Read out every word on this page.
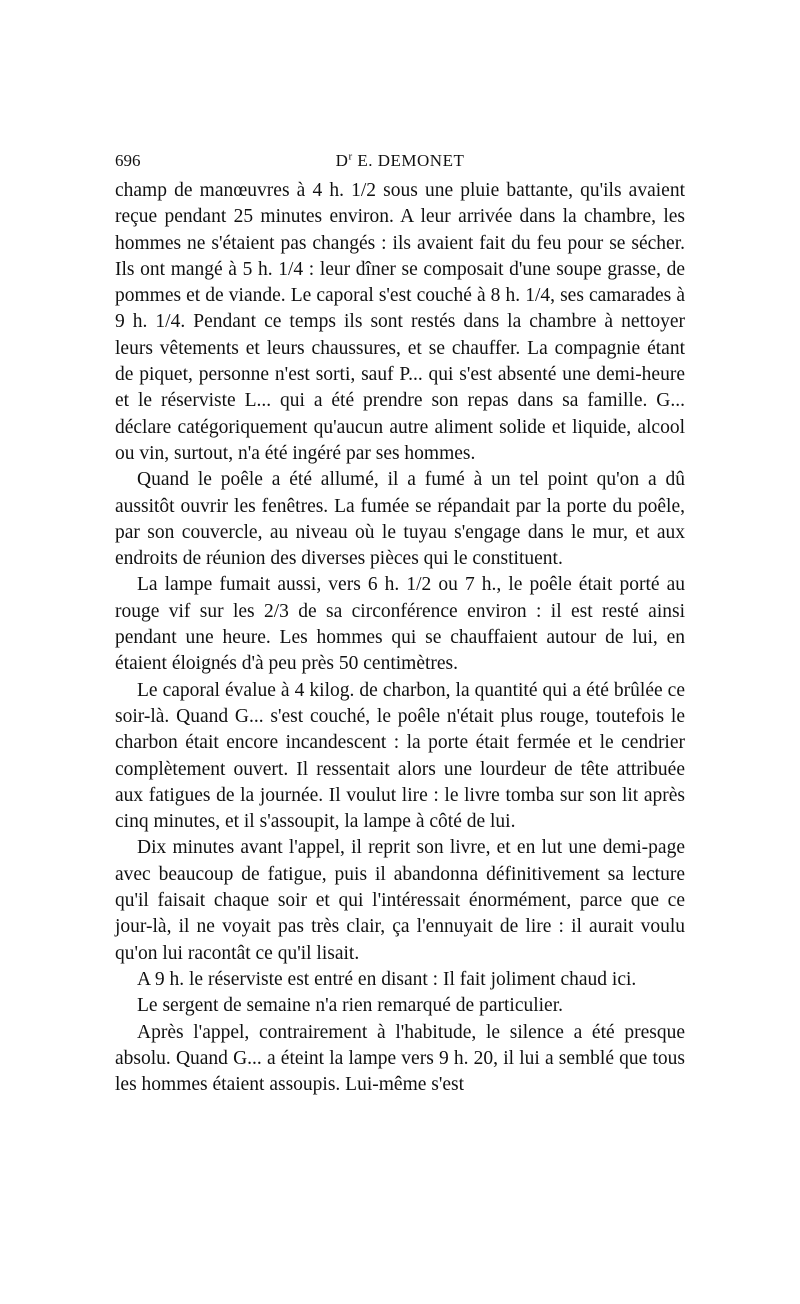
696	$D^r$ E. DEMONET

champ de manœuvres à 4 h. 1/2 sous une pluie battante, qu'ils avaient reçue pendant 25 minutes environ. A leur arrivée dans la chambre, les hommes ne s'étaient pas changés : ils avaient fait du feu pour se sécher. Ils ont mangé à 5 h. 1/4 : leur dîner se composait d'une soupe grasse, de pommes et de viande. Le caporal s'est couché à 8 h. 1/4, ses camarades à 9 h. 1/4. Pendant ce temps ils sont restés dans la chambre à nettoyer leurs vêtements et leurs chaussures, et se chauffer. La compagnie étant de piquet, personne n'est sorti, sauf P... qui s'est absenté une demi-heure et le réserviste L... qui a été prendre son repas dans sa famille. G... déclare catégoriquement qu'aucun autre aliment solide et liquide, alcool ou vin, surtout, n'a été ingéré par ses hommes.

Quand le poêle a été allumé, il a fumé à un tel point qu'on a dû aussitôt ouvrir les fenêtres. La fumée se répandait par la porte du poêle, par son couvercle, au niveau où le tuyau s'engage dans le mur, et aux endroits de réunion des diverses pièces qui le constituent.

La lampe fumait aussi, vers 6 h. 1/2 ou 7 h., le poêle était porté au rouge vif sur les 2/3 de sa circonférence environ : il est resté ainsi pendant une heure. Les hommes qui se chauffaient autour de lui, en étaient éloignés d'à peu près 50 centimètres.

Le caporal évalue à 4 kilog. de charbon, la quantité qui a été brûlée ce soir-là. Quand G... s'est couché, le poêle n'était plus rouge, toutefois le charbon était encore incandescent : la porte était fermée et le cendrier complètement ouvert. Il ressentait alors une lourdeur de tête attribuée aux fatigues de la journée. Il voulut lire : le livre tomba sur son lit après cinq minutes, et il s'assoupit, la lampe à côté de lui.

Dix minutes avant l'appel, il reprit son livre, et en lut une demi-page avec beaucoup de fatigue, puis il abandonna définitivement sa lecture qu'il faisait chaque soir et qui l'intéressait énormément, parce que ce jour-là, il ne voyait pas très clair, ça l'ennuyait de lire : il aurait voulu qu'on lui racontât ce qu'il lisait.

A 9 h. le réserviste est entré en disant : Il fait joliment chaud ici.

Le sergent de semaine n'a rien remarqué de particulier.

Après l'appel, contrairement à l'habitude, le silence a été presque absolu. Quand G... a éteint la lampe vers 9 h. 20, il lui a semblé que tous les hommes étaient assoupis. Lui-même s'est
